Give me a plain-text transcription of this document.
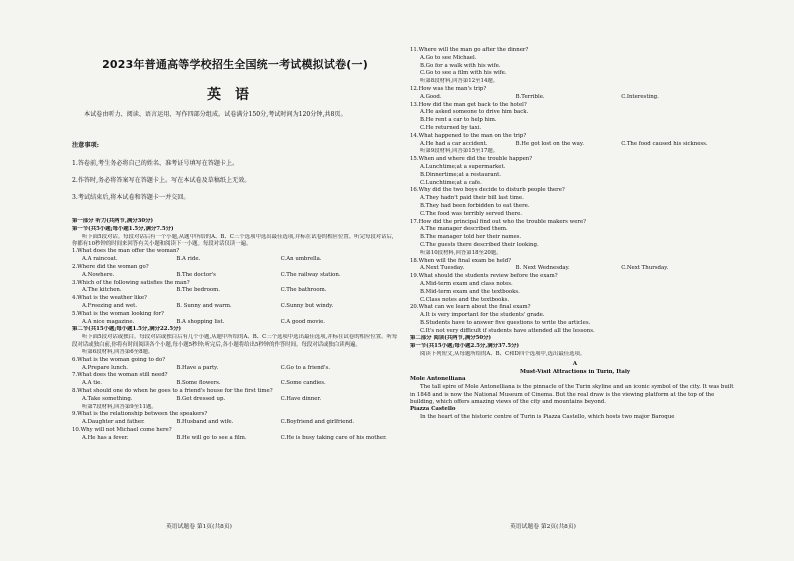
2023年普通高等学校招生全国统一考试模拟试卷(一)
英语
本试卷由听力、阅读、语言运用、写作四部分组成。试卷满分150分,考试时间为120分钟,共8页。
注意事项:
1.答卷前,考生务必将自己的姓名、准考证号填写在答题卡上。
2.作答时,务必将答案写在答题卡上。写在本试卷及草稿纸上无效。
3.考试结束后,将本试卷和答题卡一并交回。
第一部分 听力(共两节,满分30分)
第一节(共5小题;每小题1.5分,满分7.5分)
听下面5段对话。每段对话后有一个小题,从题中所给的A、B、C三个选项中选出最佳选项,并标在试卷的相应位置。听完每段对话后,你都有10秒钟的时间来回答有关小题和阅读下一小题。每段对话仅读一遍。
1.What does the man offer the woman?
A.A raincoat.	B.A ride.	C.An umbrella.
2.Where did the woman go?
A.Nowhere.	B.The doctor's	C.The railway station.
3.Which of the following satisfies the man?
A.The kitchen.	B.The bedroom.	C.The bathroom.
4.What is the weather like?
A.Freezing and wet.	B. Sunny and warm.	C.Sunny but windy.
5.What is the woman looking for?
A.A nice magazine.	B.A shopping list.	C.A good movie.
第二节(共15小题;每小题1.5分,满分22.5分)
听下面5段对话或独白。每段对话或独白后有几个小题,从题中所给的A、B、C三个选项中选出最佳选项,并标在试卷的相应位置。听每段对话或独白前,你将有时间阅读各个小题,每小题5秒钟;听完后,各小题将给出5秒钟的作答时间。每段对话或独白读两遍。
听第6段材料,回答第6至8题。
6.What is the woman going to do?
A.Prepare lunch.	B.Have a party.	C.Go to a friend's.
7.What does the woman still need?
A.A tie.	B.Some flowers.	C.Some candies.
8.What should one do when he goes to a friend's house for the first time?
A.Take something.	B.Get dressed up.	C.Have dinner.
听第7段材料,回答第9至11题。
9.What is the relationship between the speakers?
A.Daughter and father.	B.Husband and wife.	C.Boyfriend and girlfriend.
10.Why will not Michael come here?
A.He has a fever.	B.He will go to see a film.	C.He is busy taking care of his mother.
英语试题卷 第1页(共8页)
11.Where will the man go after the dinner?
A.Go to see Michael.
B.Go for a walk with his wife.
C.Go to see a film with his wife.
听第8段材料,回答第12至14题。
12.How was the man's trip?
A.Good.	B.Terrible.	C.Interesting.
13.How did the man get back to the hotel?
A.He asked someone to drive him back.
B.He rent a car to help him.
C.He returned by taxi.
14.What happened to the man on the trip?
A.He had a car accident.	B.He got lost on the way.	C.The food caused his sickness.
听第9段材料,回答第15至17题。
15.When and where did the trouble happen?
A.Lunchtime;at a supermarket.
B.Dinnertime;at a restaurant.
C.Lunchtime;at a cafe.
16.Why did the two boys decide to disturb people there?
A.They hadn't paid their bill last time.
B.They had been forbidden to eat there.
C.The food was terribly served there.
17.How did the principal find out who the trouble makers were?
A.The manager described them.
B.The manager told her their names.
C.The guests there described their looking.
听第10段材料,回答第18至20题。
18.When will the final exam be held?
A.Next Tuesday.	B. Next Wednesday.	C.Next Thursday.
19.What should the students review before the exam?
A.Mid-term exam and class notes.
B.Mid-term exam and the textbooks.
C.Class notes and the textbooks.
20.What can we learn about the final exam?
A.It is very important for the students' grade.
B.Students have to answer five questions to write the articles.
C.It's not very difficult if students have attended all the lessons.
第二部分 阅读(共两节,满分50分)
第一节(共15小题;每小题2.5分,满分37.5分)
阅读下列短文,从每题所给的A、B、C和D四个选项中,选出最佳选项。
A
Must-Visit Attractions in Turin, Italy
Mole Antonelliana
The tall spire of Mole Antonelliana is the pinnacle of the Turin skyline and an iconic symbol of the city. It was built in 1848 and is now the National Museum of Cinema. But the real draw is the viewing platform at the top of the building, which offers amazing views of the city and mountains beyond.
Piazza Castello
In the heart of the historic centre of Turin is Piazza Castello, which hosts two major Baroque
英语试题卷 第2页(共8页)
